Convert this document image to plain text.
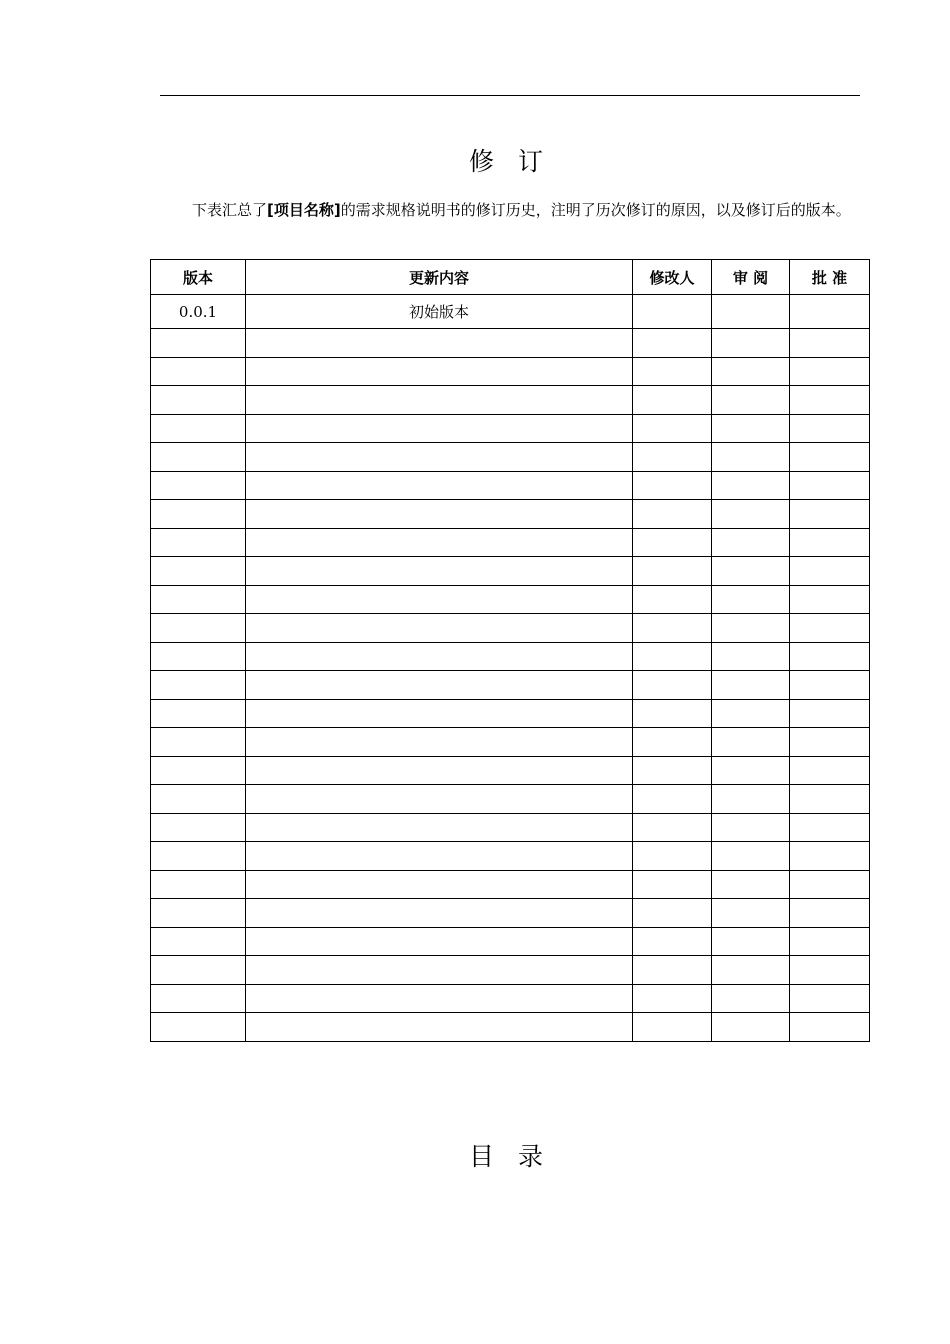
修 订

下表汇总了[项目名称]的需求规格说明书的修订历史，注明了历次修订的原因，以及修订后的版本。

版本	更新内容	修改人	审 阅	批 准
0.0.1	初始版本			

目 录
